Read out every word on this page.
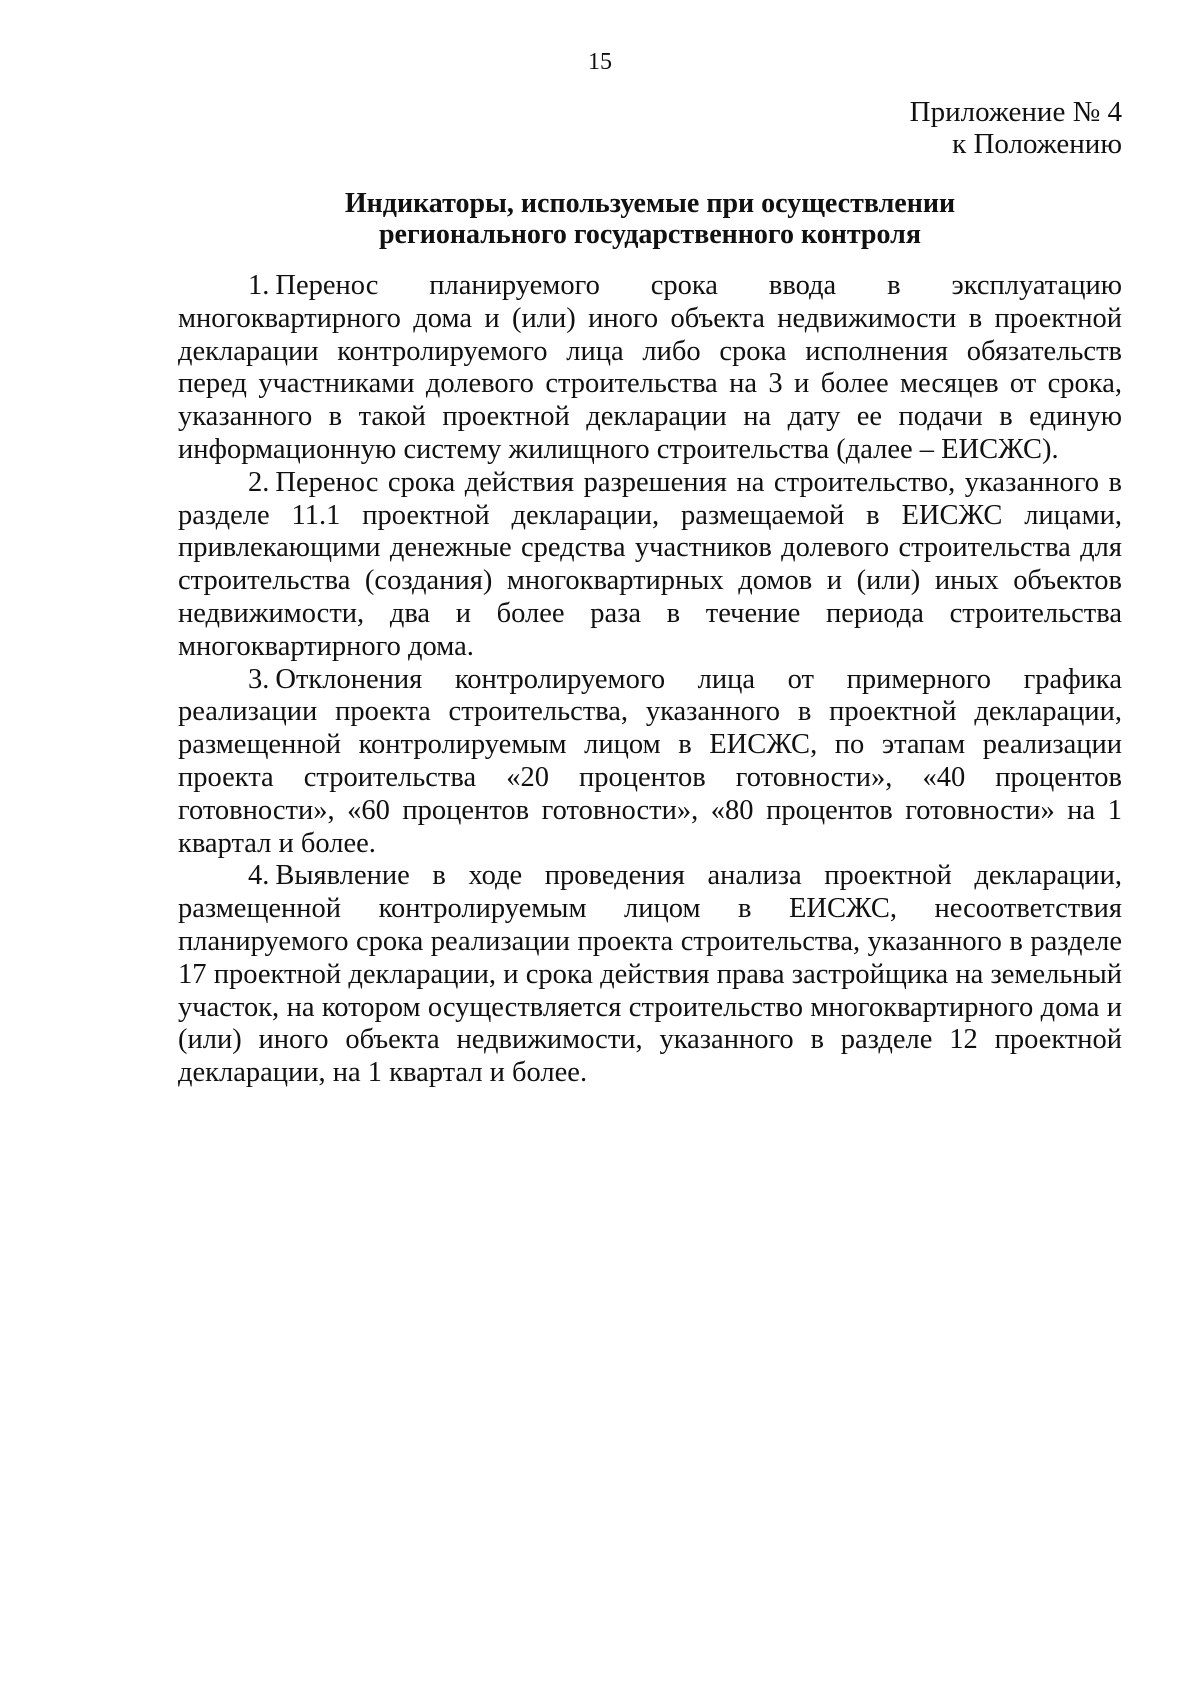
15
Приложение № 4
к Положению
Индикаторы, используемые при осуществлении
регионального государственного контроля

1. Перенос планируемого срока ввода в эксплуатацию многоквартирного дома и (или) иного объекта недвижимости в проектной декларации контролируемого лица либо срока исполнения обязательств перед участниками долевого строительства на 3 и более месяцев от срока, указанного в такой проектной декларации на дату ее подачи в единую информационную систему жилищного строительства (далее – ЕИСЖС).

2. Перенос срока действия разрешения на строительство, указанного в разделе 11.1 проектной декларации, размещаемой в ЕИСЖС лицами, привлекающими денежные средства участников долевого строительства для строительства (создания) многоквартирных домов и (или) иных объектов недвижимости, два и более раза в течение периода строительства многоквартирного дома.

3. Отклонения контролируемого лица от примерного графика реализации проекта строительства, указанного в проектной декларации, размещенной контролируемым лицом в ЕИСЖС, по этапам реализации проекта строительства «20 процентов готовности», «40 процентов готовности», «60 процентов готовности», «80 процентов готовности» на 1 квартал и более.

4. Выявление в ходе проведения анализа проектной декларации, размещенной контролируемым лицом в ЕИСЖС, несоответствия планируемого срока реализации проекта строительства, указанного в разделе 17 проектной декларации, и срока действия права застройщика на земельный участок, на котором осуществляется строительство многоквартирного дома и (или) иного объекта недвижимости, указанного в разделе 12 проектной декларации, на 1 квартал и более.
